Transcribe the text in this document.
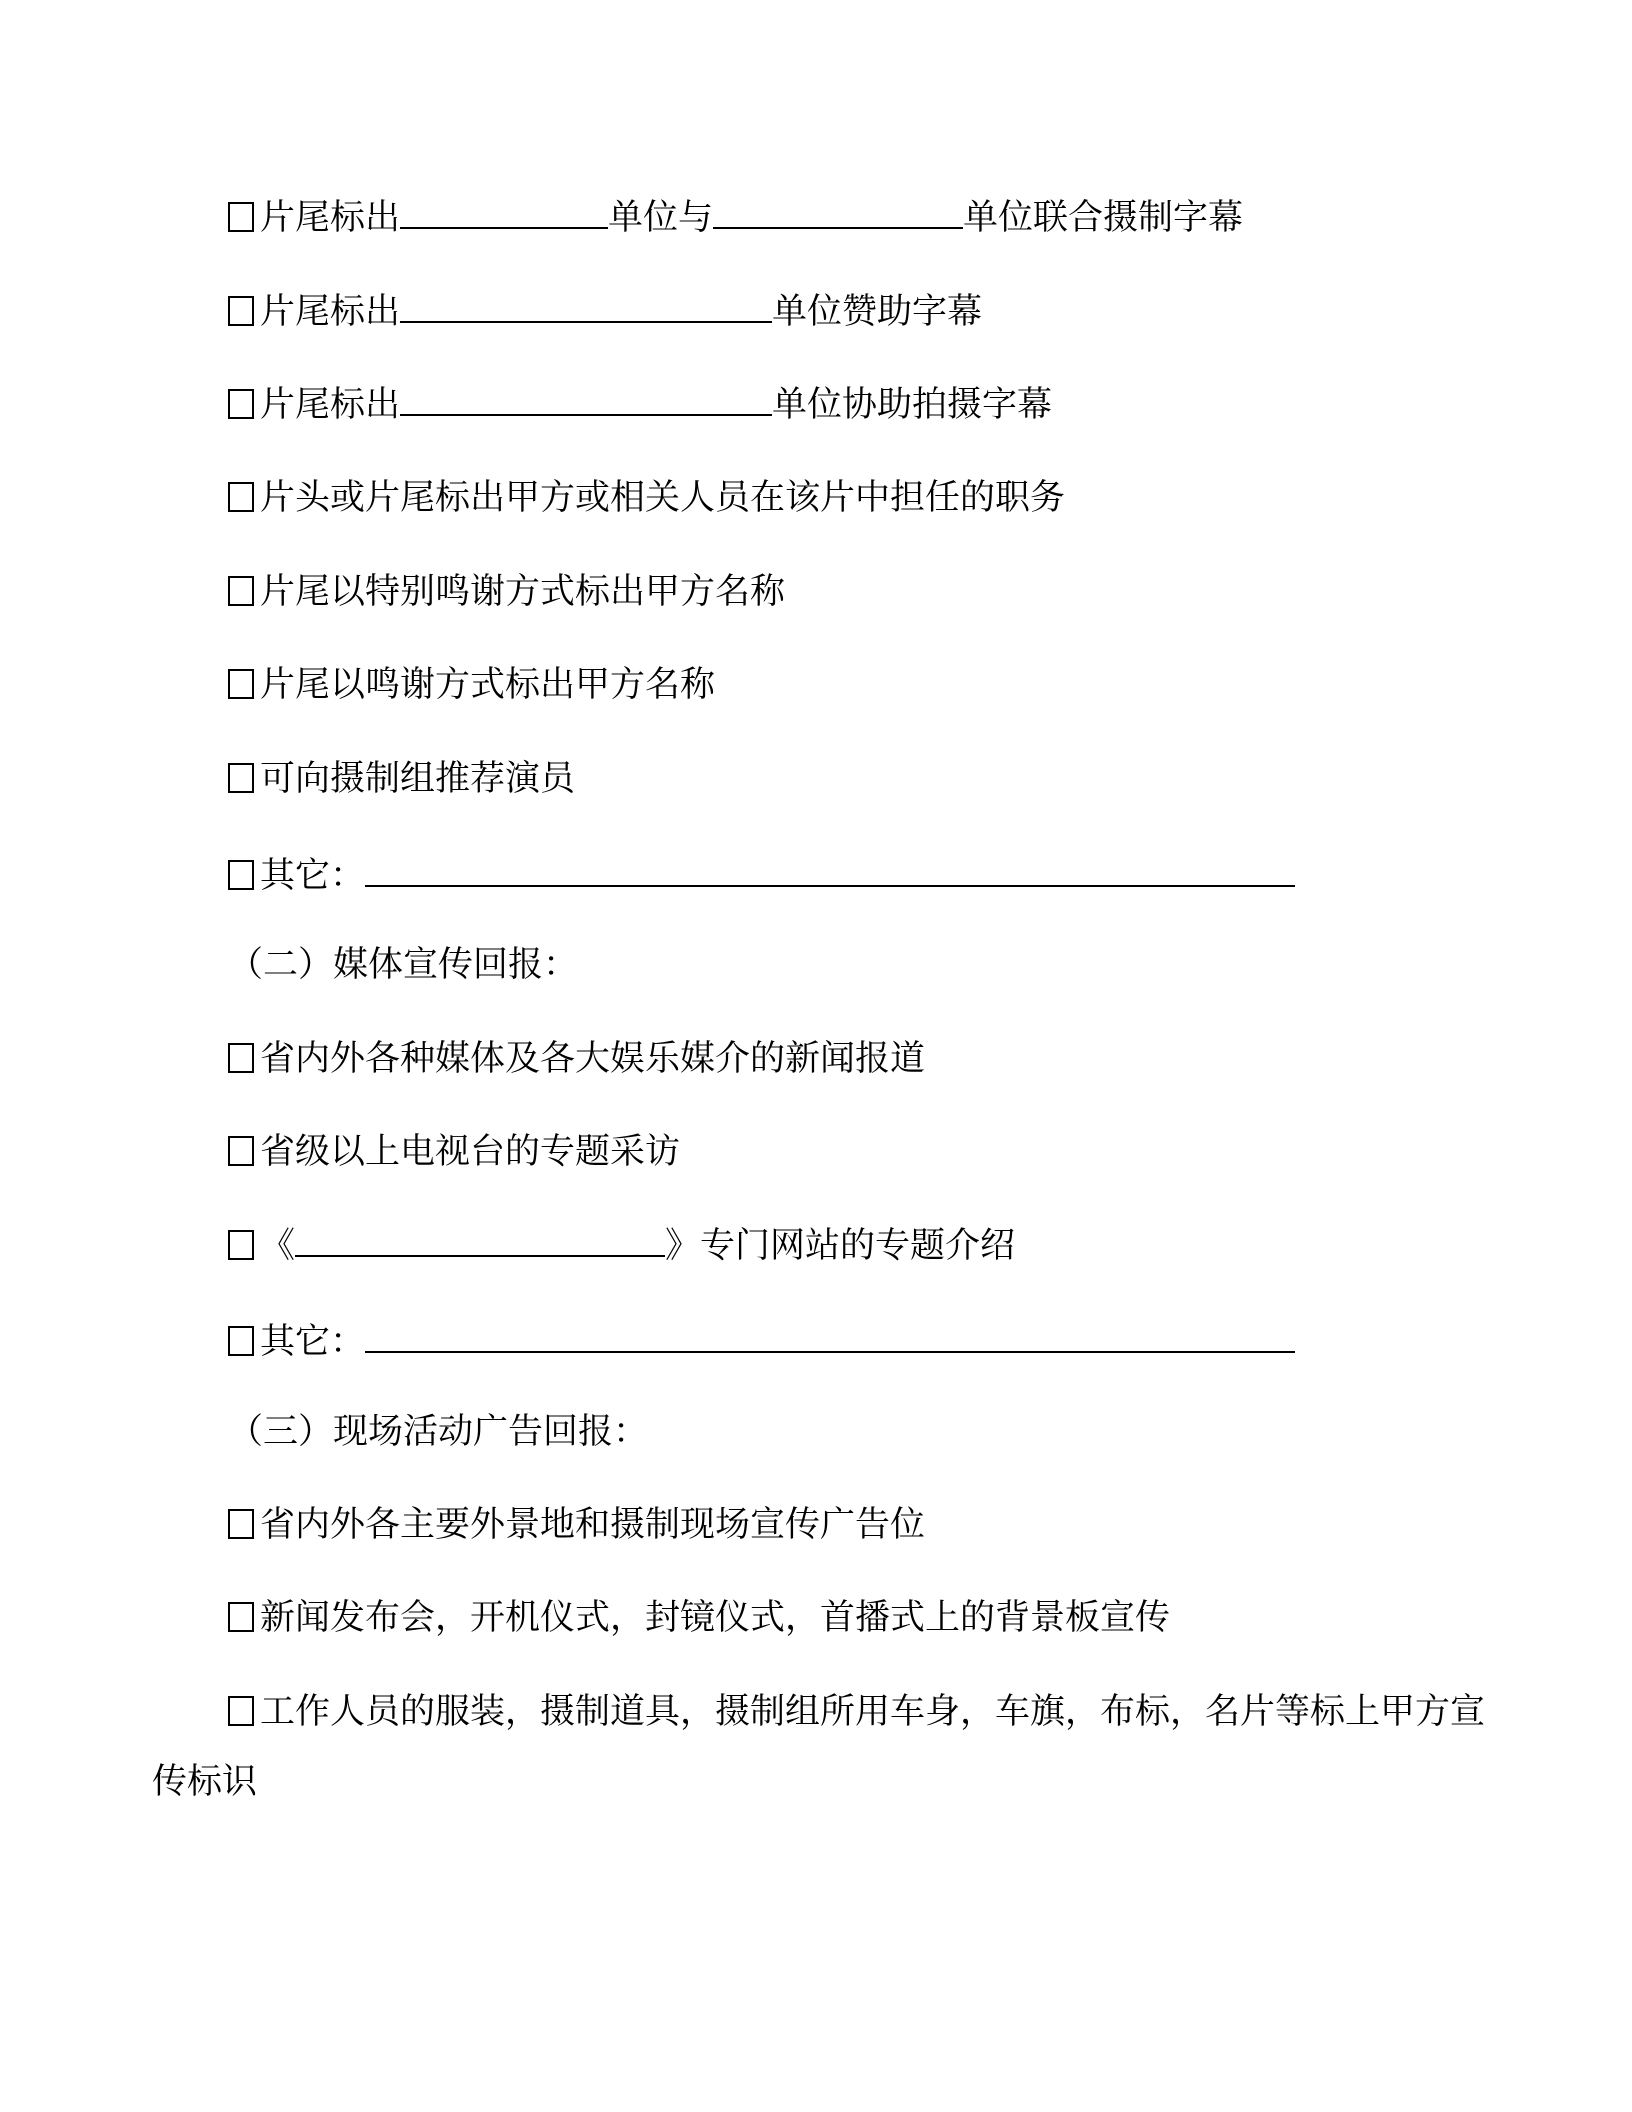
片尾标出	单位与	单位联合摄制字幕
片尾标出	单位赞助字幕
片尾标出	单位协助拍摄字幕
片头或片尾标出甲方或相关人员在该片中担任的职务
片尾以特别鸣谢方式标出甲方名称
片尾以鸣谢方式标出甲方名称
可向摄制组推荐演员
其它：
（二）媒体宣传回报：
省内外各种媒体及各大娱乐媒介的新闻报道
省级以上电视台的专题采访
《	》专门网站的专题介绍
其它：
（三）现场活动广告回报：
省内外各主要外景地和摄制现场宣传广告位
新闻发布会，开机仪式，封镜仪式，首播式上的背景板宣传
工作人员的服装，摄制道具，摄制组所用车身，车旗，布标，名片等标上甲方宣传标识
